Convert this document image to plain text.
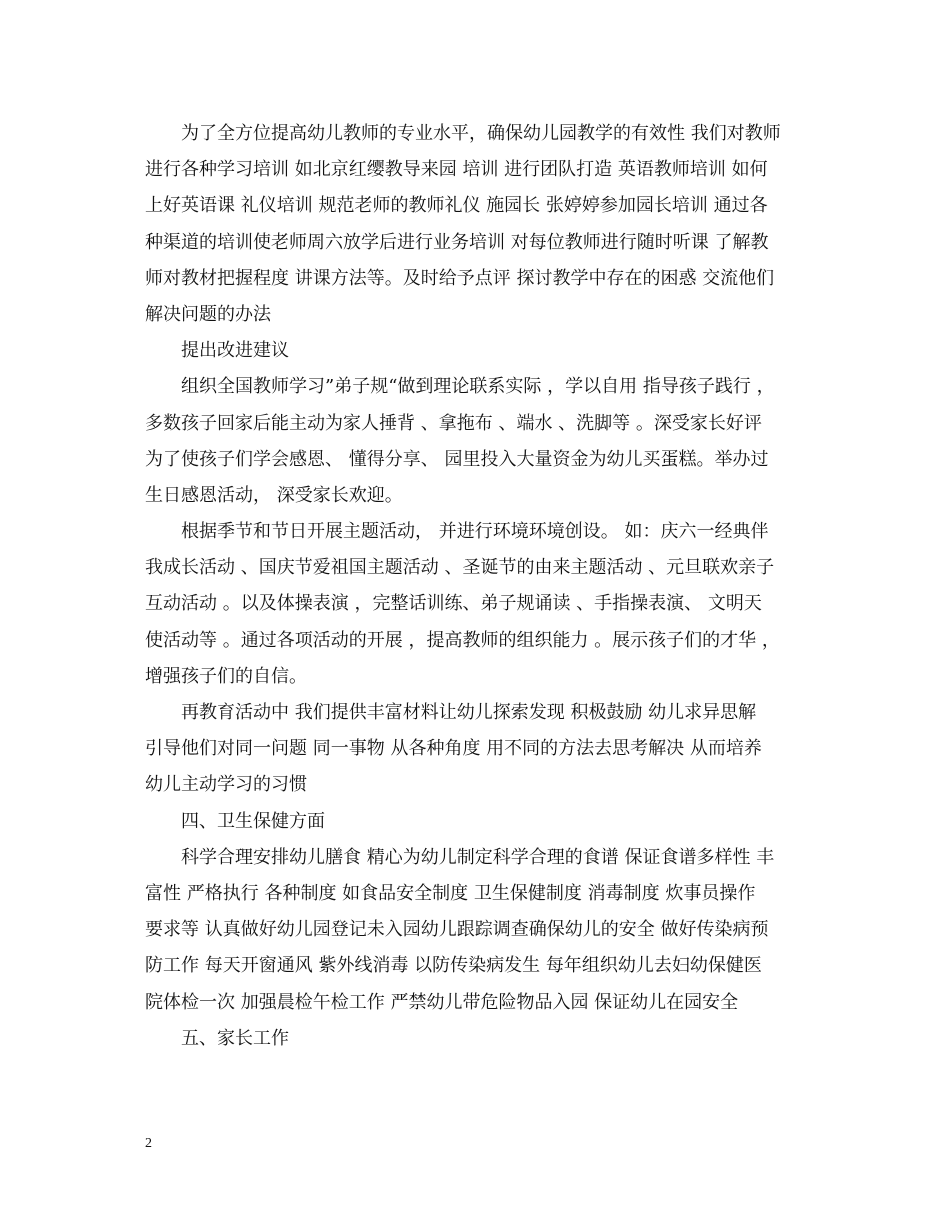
为了全方位提高幼儿教师的专业水平，确保幼儿园教学的有效性 我们对教师
进行各种学习培训 如北京红缨教导来园 培训 进行团队打造 英语教师培训 如何
上好英语课 礼仪培训 规范老师的教师礼仪 施园长 张婷婷参加园长培训 通过各
种渠道的培训使老师周六放学后进行业务培训 对每位教师进行随时听课 了解教
师对教材把握程度 讲课方法等。及时给予点评 探讨教学中存在的困惑 交流他们
解决问题的办法
提出改进建议
组织全国教师学习”弟子规“做到理论联系实际 ，学以自用 指导孩子践行 ，
多数孩子回家后能主动为家人捶背 、拿拖布 、端水 、洗脚等 。深受家长好评
为了使孩子们学会感恩、 懂得分享、 园里投入大量资金为幼儿买蛋糕。举办过
生日感恩活动， 深受家长欢迎。
根据季节和节日开展主题活动， 并进行环境环境创设。 如：庆六一经典伴
我成长活动 、国庆节爱祖国主题活动 、圣诞节的由来主题活动 、元旦联欢亲子
互动活动 。以及体操表演 ，完整话训练、弟子规诵读 、手指操表演、 文明天
使活动等 。通过各项活动的开展 ，提高教师的组织能力 。展示孩子们的才华 ，
增强孩子们的自信。
再教育活动中 我们提供丰富材料让幼儿探索发现 积极鼓励 幼儿求异思解
引导他们对同一问题 同一事物 从各种角度 用不同的方法去思考解决 从而培养
幼儿主动学习的习惯
四、卫生保健方面
科学合理安排幼儿膳食 精心为幼儿制定科学合理的食谱 保证食谱多样性 丰
富性 严格执行 各种制度 如食品安全制度 卫生保健制度 消毒制度 炊事员操作
要求等 认真做好幼儿园登记未入园幼儿跟踪调查确保幼儿的安全 做好传染病预
防工作 每天开窗通风 紫外线消毒 以防传染病发生 每年组织幼儿去妇幼保健医
院体检一次 加强晨检午检工作 严禁幼儿带危险物品入园 保证幼儿在园安全
五、家长工作
2
